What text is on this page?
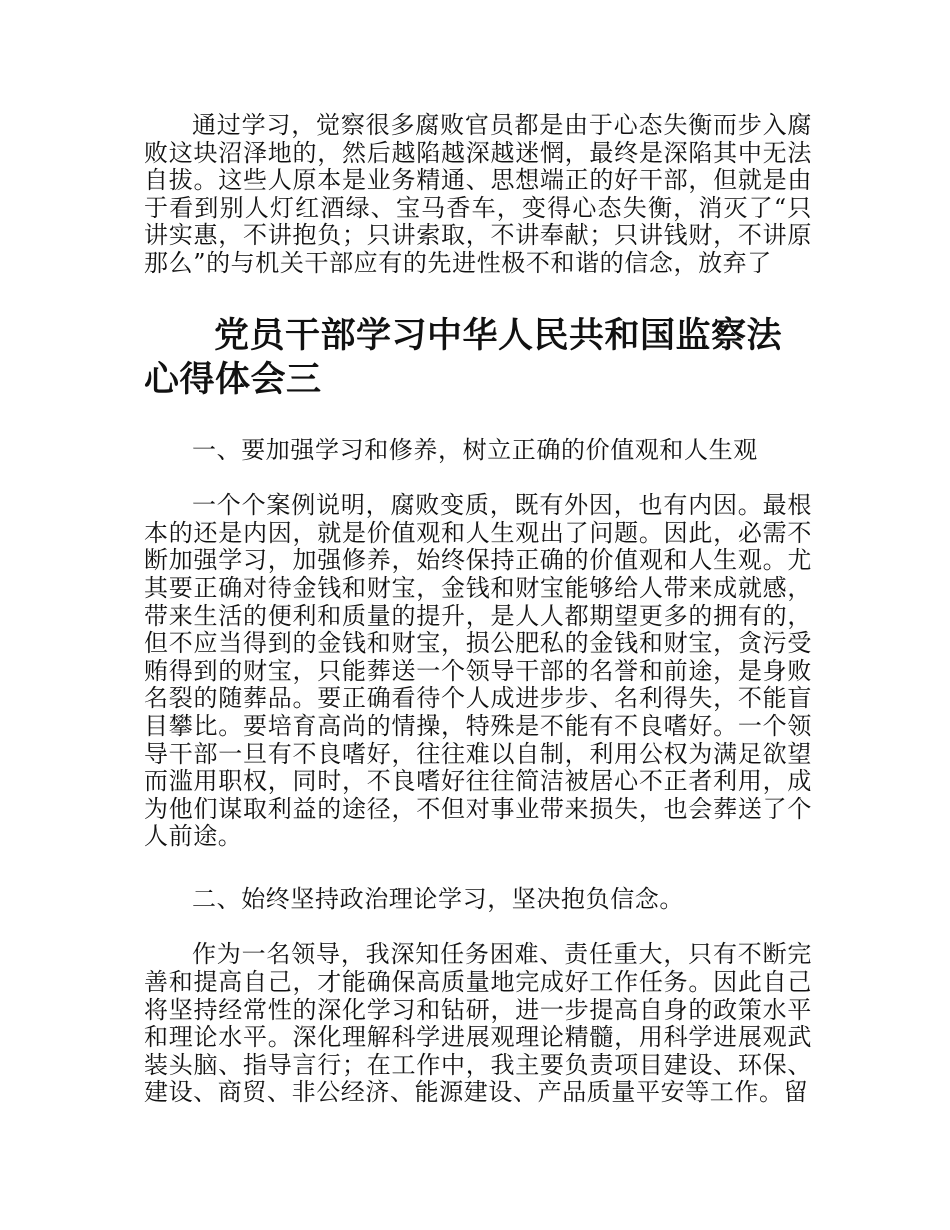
通过学习，觉察很多腐败官员都是由于心态失衡而步入腐败这块沼泽地的，然后越陷越深越迷惘，最终是深陷其中无法自拔。这些人原本是业务精通、思想端正的好干部，但就是由于看到别人灯红酒绿、宝马香车，变得心态失衡，消灭了“只讲实惠，不讲抱负；只讲索取，不讲奉献；只讲钱财，不讲原那么”的与机关干部应有的先进性极不和谐的信念，放弃了

党员干部学习中华人民共和国监察法心得体会三

一、要加强学习和修养，树立正确的价值观和人生观

一个个案例说明，腐败变质，既有外因，也有内因。最根本的还是内因，就是价值观和人生观出了问题。因此，必需不断加强学习，加强修养，始终保持正确的价值观和人生观。尤其要正确对待金钱和财宝，金钱和财宝能够给人带来成就感，带来生活的便利和质量的提升，是人人都期望更多的拥有的，但不应当得到的金钱和财宝，损公肥私的金钱和财宝，贪污受贿得到的财宝，只能葬送一个领导干部的名誉和前途，是身败名裂的随葬品。要正确看待个人成进步步、名利得失，不能盲目攀比。要培育高尚的情操，特殊是不能有不良嗜好。一个领导干部一旦有不良嗜好，往往难以自制，利用公权为满足欲望而滥用职权，同时，不良嗜好往往简洁被居心不正者利用，成为他们谋取利益的途径，不但对事业带来损失，也会葬送了个人前途。

二、始终坚持政治理论学习，坚决抱负信念。

作为一名领导，我深知任务困难、责任重大，只有不断完善和提高自己，才能确保高质量地完成好工作任务。因此自己将坚持经常性的深化学习和钻研，进一步提高自身的政策水平和理论水平。深化理解科学进展观理论精髓，用科学进展观武装头脑、指导言行；在工作中，我主要负责项目建设、环保、建设、商贸、非公经济、能源建设、产品质量平安等工作。留
